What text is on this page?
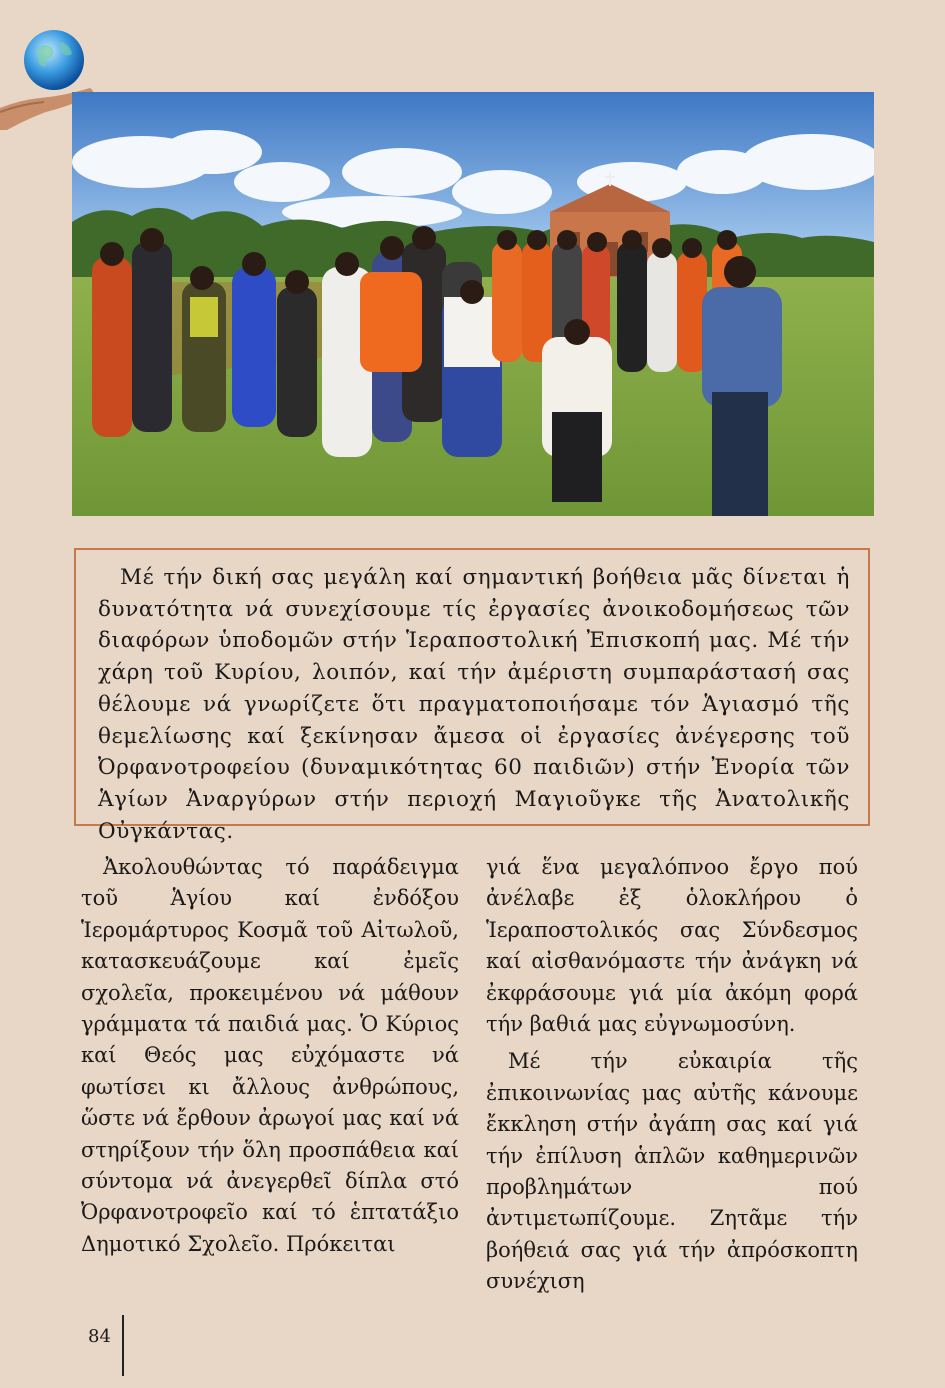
Μέ τήν δική σας μεγάλη καί σημαντική βοήθεια μᾶς δίνεται ἡ δυνατότητα νά συνεχίσουμε τίς ἐργασίες ἀνοικοδομήσεως τῶν διαφόρων ὑποδομῶν στήν Ἱεραποστολική Ἐπισκοπή μας. Μέ τήν χάρη τοῦ Κυρίου, λοιπόν, καί τήν ἀμέριστη συμπαράστασή σας θέλουμε νά γνωρίζετε ὅτι πραγματοποιήσαμε τόν Ἁγιασμό τῆς θεμελίωσης καί ξεκίνησαν ἄμεσα οἱ ἐργασίες ἀνέγερσης τοῦ Ὀρφανοτροφείου (δυναμικότητας 60 παιδιῶν) στήν Ἐνορία τῶν Ἁγίων Ἀναργύρων στήν περιοχή Μαγιοῦγκε τῆς Ἀνατολικῆς Οὐγκάντας.

Ἀκολουθώντας τό παράδειγμα τοῦ Ἁγίου καί ἐνδόξου Ἱερομάρτυρος Κοσμᾶ τοῦ Αἰτωλοῦ, κατασκευάζουμε καί ἐμεῖς σχολεῖα, προκειμένου νά μάθουν γράμματα τά παιδιά μας. Ὁ Κύριος καί Θεός μας εὐχόμαστε νά φωτίσει κι ἄλλους ἀνθρώπους, ὥστε νά ἔρθουν ἀρωγοί μας καί νά στηρίξουν τήν ὅλη προσπάθεια καί σύντομα νά ἀνεγερθεῖ δίπλα στό Ὀρφανοτροφεῖο καί τό ἑπτατάξιο Δημοτικό Σχολεῖο. Πρόκειται

γιά ἕνα μεγαλόπνοο ἔργο πού ἀνέλαβε ἐξ ὁλοκλήρου ὁ Ἱεραποστολικός σας Σύνδεσμος καί αἰσθανόμαστε τήν ἀνάγκη νά ἐκφράσουμε γιά μία ἀκόμη φορά τήν βαθιά μας εὐγνωμοσύνη.

Μέ τήν εὐκαιρία τῆς ἐπικοινωνίας μας αὐτῆς κάνουμε ἔκκληση στήν ἀγάπη σας καί γιά τήν ἐπίλυση ἁπλῶν καθημερινῶν προβλημάτων πού ἀντιμετωπίζουμε. Ζητᾶμε τήν βοήθειά σας γιά τήν ἀπρόσκοπτη συνέχιση

84
